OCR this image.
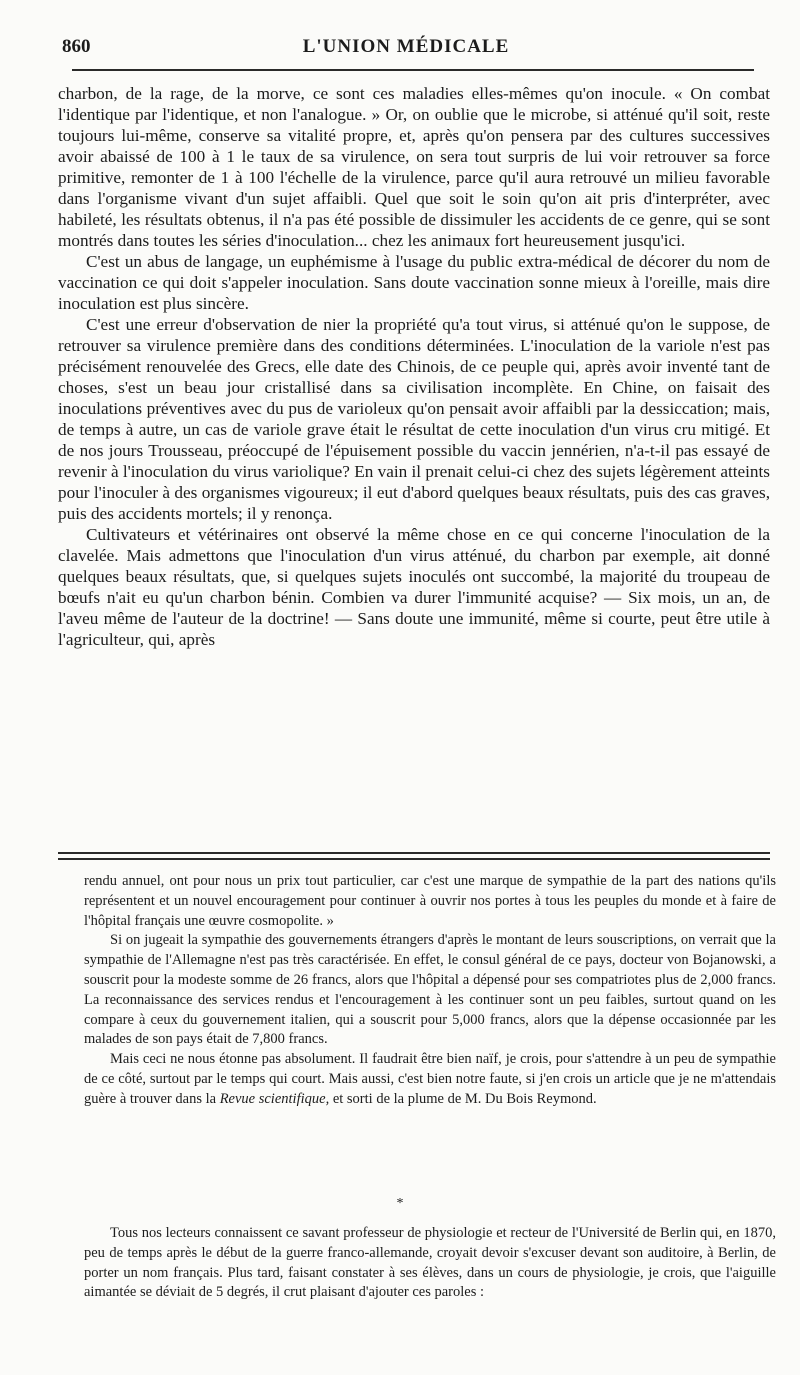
860	L'UNION MÉDICALE

charbon, de la rage, de la morve, ce sont ces maladies elles-mêmes qu'on inocule. « On combat l'identique par l'identique, et non l'analogue. » Or, on oublie que le microbe, si atténué qu'il soit, reste toujours lui-même, conserve sa vitalité propre, et, après qu'on pensera par des cultures successives avoir abaissé de 100 à 1 le taux de sa virulence, on sera tout surpris de lui voir retrouver sa force primitive, remonter de 1 à 100 l'échelle de la virulence, parce qu'il aura retrouvé un milieu favorable dans l'organisme vivant d'un sujet affaibli. Quel que soit le soin qu'on ait pris d'interpréter, avec habileté, les résultats obtenus, il n'a pas été possible de dissimuler les accidents de ce genre, qui se sont montrés dans toutes les séries d'inoculation... chez les animaux fort heureusement jusqu'ici.

C'est un abus de langage, un euphémisme à l'usage du public extra-médical de décorer du nom de vaccination ce qui doit s'appeler inoculation. Sans doute vaccination sonne mieux à l'oreille, mais dire inoculation est plus sincère.

C'est une erreur d'observation de nier la propriété qu'a tout virus, si atténué qu'on le suppose, de retrouver sa virulence première dans des conditions déterminées. L'inoculation de la variole n'est pas précisément renouvelée des Grecs, elle date des Chinois, de ce peuple qui, après avoir inventé tant de choses, s'est un beau jour cristallisé dans sa civilisation incomplète. En Chine, on faisait des inoculations préventives avec du pus de varioleux qu'on pensait avoir affaibli par la dessiccation; mais, de temps à autre, un cas de variole grave était le résultat de cette inoculation d'un virus cru mitigé. Et de nos jours Trousseau, préoccupé de l'épuisement possible du vaccin jennérien, n'a-t-il pas essayé de revenir à l'inoculation du virus variolique? En vain il prenait celui-ci chez des sujets légèrement atteints pour l'inoculer à des organismes vigoureux; il eut d'abord quelques beaux résultats, puis des cas graves, puis des accidents mortels; il y renonça.

Cultivateurs et vétérinaires ont observé la même chose en ce qui concerne l'inoculation de la clavelée. Mais admettons que l'inoculation d'un virus atténué, du charbon par exemple, ait donné quelques beaux résultats, que, si quelques sujets inoculés ont succombé, la majorité du troupeau de bœufs n'ait eu qu'un charbon bénin. Combien va durer l'immunité acquise? — Six mois, un an, de l'aveu même de l'auteur de la doctrine! — Sans doute une immunité, même si courte, peut être utile à l'agriculteur, qui, après

rendu annuel, ont pour nous un prix tout particulier, car c'est une marque de sympathie de la part des nations qu'ils représentent et un nouvel encouragement pour continuer à ouvrir nos portes à tous les peuples du monde et à faire de l'hôpital français une œuvre cosmopolite. »

Si on jugeait la sympathie des gouvernements étrangers d'après le montant de leurs souscriptions, on verrait que la sympathie de l'Allemagne n'est pas très caractérisée. En effet, le consul général de ce pays, docteur von Bojanowski, a souscrit pour la modeste somme de 26 francs, alors que l'hôpital a dépensé pour ses compatriotes plus de 2,000 francs. La reconnaissance des services rendus et l'encouragement à les continuer sont un peu faibles, surtout quand on les compare à ceux du gouvernement italien, qui a souscrit pour 5,000 francs, alors que la dépense occasionnée par les malades de son pays était de 7,800 francs.

Mais ceci ne nous étonne pas absolument. Il faudrait être bien naïf, je crois, pour s'attendre à un peu de sympathie de ce côté, surtout par le temps qui court. Mais aussi, c'est bien notre faute, si j'en crois un article que je ne m'attendais guère à trouver dans la Revue scientifique, et sorti de la plume de M. Du Bois Reymond.

*

Tous nos lecteurs connaissent ce savant professeur de physiologie et recteur de l'Université de Berlin qui, en 1870, peu de temps après le début de la guerre franco-allemande, croyait devoir s'excuser devant son auditoire, à Berlin, de porter un nom français. Plus tard, faisant constater à ses élèves, dans un cours de physiologie, je crois, que l'aiguille aimantée se déviait de 5 degrés, il crut plaisant d'ajouter ces paroles :
